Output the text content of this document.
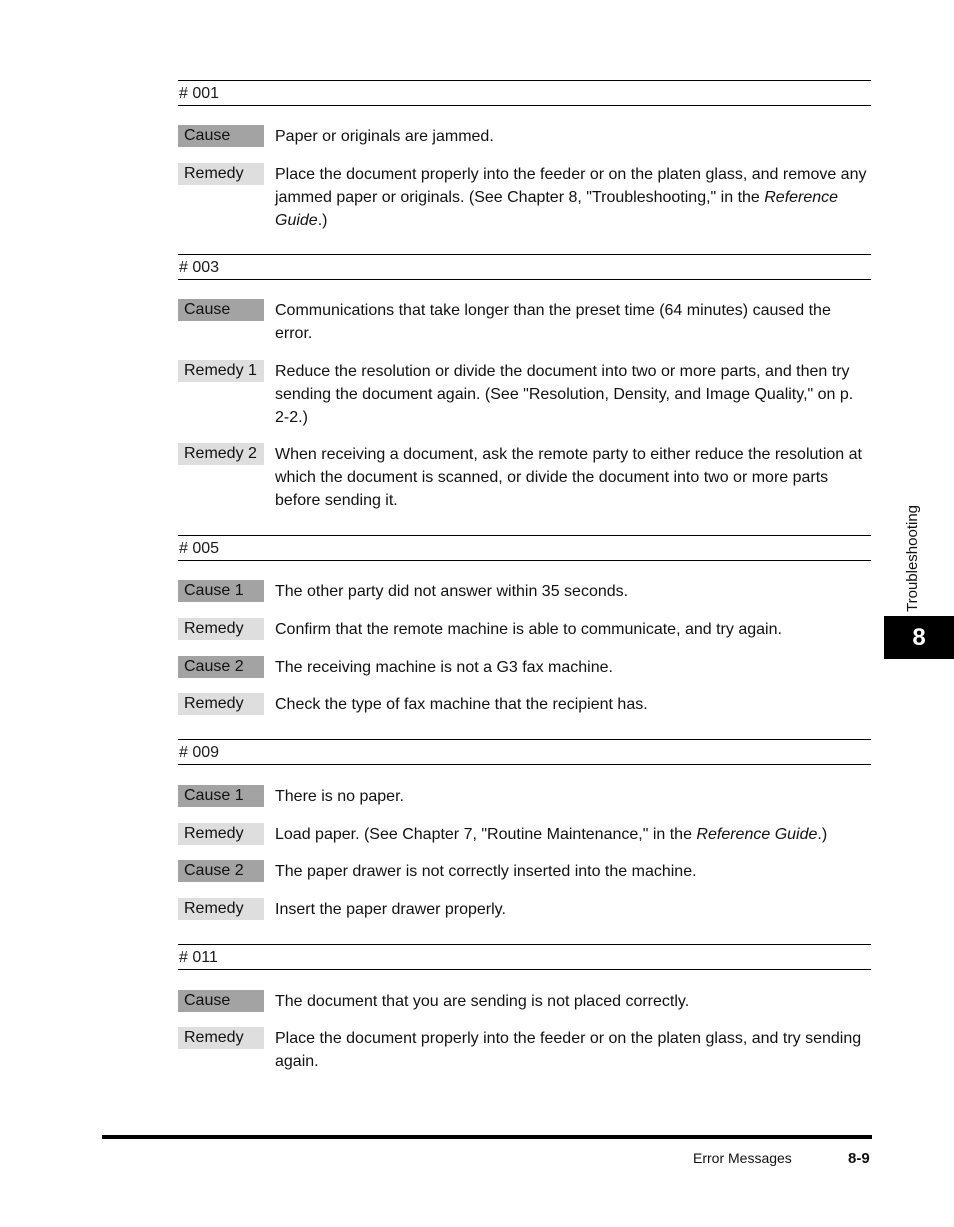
# 001
Cause	Paper or originals are jammed.
Remedy	Place the document properly into the feeder or on the platen glass, and remove any jammed paper or originals. (See Chapter 8, "Troubleshooting," in the Reference Guide.)
# 003
Cause	Communications that take longer than the preset time (64 minutes) caused the error.
Remedy 1	Reduce the resolution or divide the document into two or more parts, and then try sending the document again. (See "Resolution, Density, and Image Quality," on p. 2-2.)
Remedy 2	When receiving a document, ask the remote party to either reduce the resolution at which the document is scanned, or divide the document into two or more parts before sending it.
# 005
Cause 1	The other party did not answer within 35 seconds.
Remedy	Confirm that the remote machine is able to communicate, and try again.
Cause 2	The receiving machine is not a G3 fax machine.
Remedy	Check the type of fax machine that the recipient has.
# 009
Cause 1	There is no paper.
Remedy	Load paper. (See Chapter 7, "Routine Maintenance," in the Reference Guide.)
Cause 2	The paper drawer is not correctly inserted into the machine.
Remedy	Insert the paper drawer properly.
# 011
Cause	The document that you are sending is not placed correctly.
Remedy	Place the document properly into the feeder or on the platen glass, and try sending again.
Troubleshooting
8
Error Messages	8-9
